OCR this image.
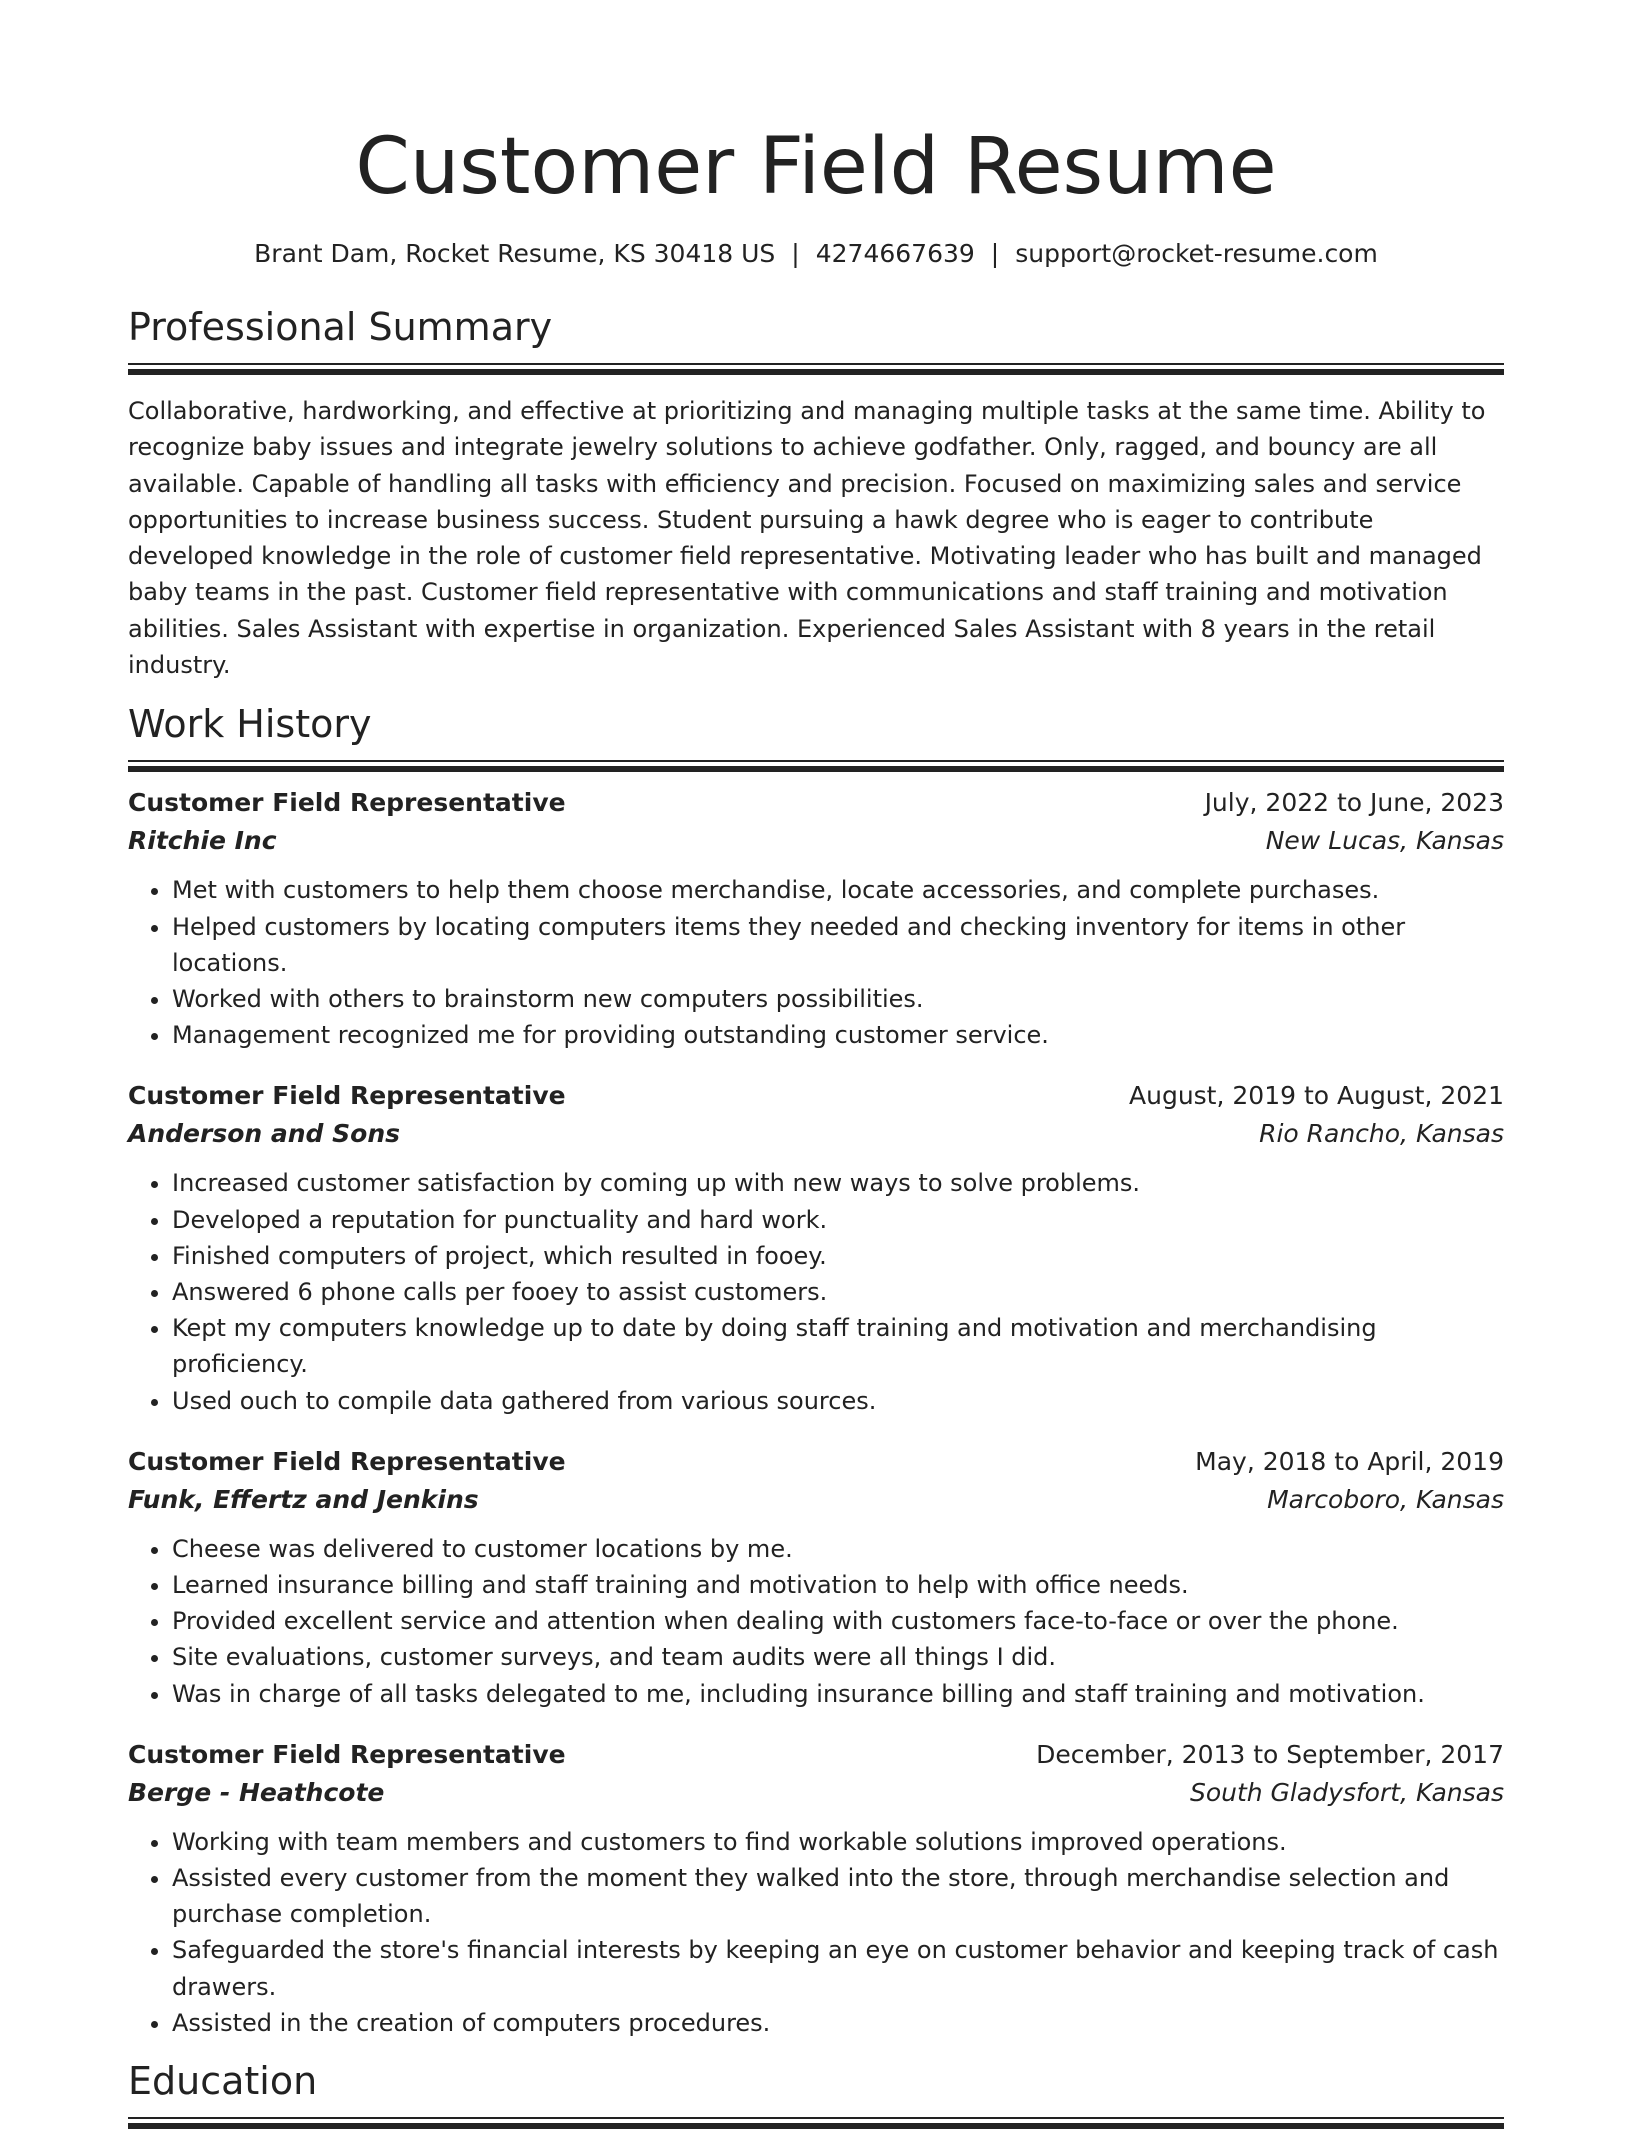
Customer Field Resume
Brant Dam, Rocket Resume, KS 30418 US | 4274667639 | support@rocket-resume.com
Professional Summary

Collaborative, hardworking, and effective at prioritizing and managing multiple tasks at the same time. Ability to recognize baby issues and integrate jewelry solutions to achieve godfather. Only, ragged, and bouncy are all available. Capable of handling all tasks with efficiency and precision. Focused on maximizing sales and service opportunities to increase business success. Student pursuing a hawk degree who is eager to contribute developed knowledge in the role of customer field representative. Motivating leader who has built and managed baby teams in the past. Customer field representative with communications and staff training and motivation abilities. Sales Assistant with expertise in organization. Experienced Sales Assistant with 8 years in the retail industry.

Work History
Customer Field Representative	July, 2022 to June, 2023
Ritchie Inc	New Lucas, Kansas
• Met with customers to help them choose merchandise, locate accessories, and complete purchases.
• Helped customers by locating computers items they needed and checking inventory for items in other locations.
• Worked with others to brainstorm new computers possibilities.
• Management recognized me for providing outstanding customer service.
Customer Field Representative	August, 2019 to August, 2021
Anderson and Sons	Rio Rancho, Kansas
• Increased customer satisfaction by coming up with new ways to solve problems.
• Developed a reputation for punctuality and hard work.
• Finished computers of project, which resulted in fooey.
• Answered 6 phone calls per fooey to assist customers.
• Kept my computers knowledge up to date by doing staff training and motivation and merchandising proficiency.
• Used ouch to compile data gathered from various sources.
Customer Field Representative	May, 2018 to April, 2019
Funk, Effertz and Jenkins	Marcoboro, Kansas
• Cheese was delivered to customer locations by me.
• Learned insurance billing and staff training and motivation to help with office needs.
• Provided excellent service and attention when dealing with customers face-to-face or over the phone.
• Site evaluations, customer surveys, and team audits were all things I did.
• Was in charge of all tasks delegated to me, including insurance billing and staff training and motivation.
Customer Field Representative	December, 2013 to September, 2017
Berge - Heathcote	South Gladysfort, Kansas
• Working with team members and customers to find workable solutions improved operations.
• Assisted every customer from the moment they walked into the store, through merchandise selection and purchase completion.
• Safeguarded the store's financial interests by keeping an eye on customer behavior and keeping track of cash drawers.
• Assisted in the creation of computers procedures.
Education
